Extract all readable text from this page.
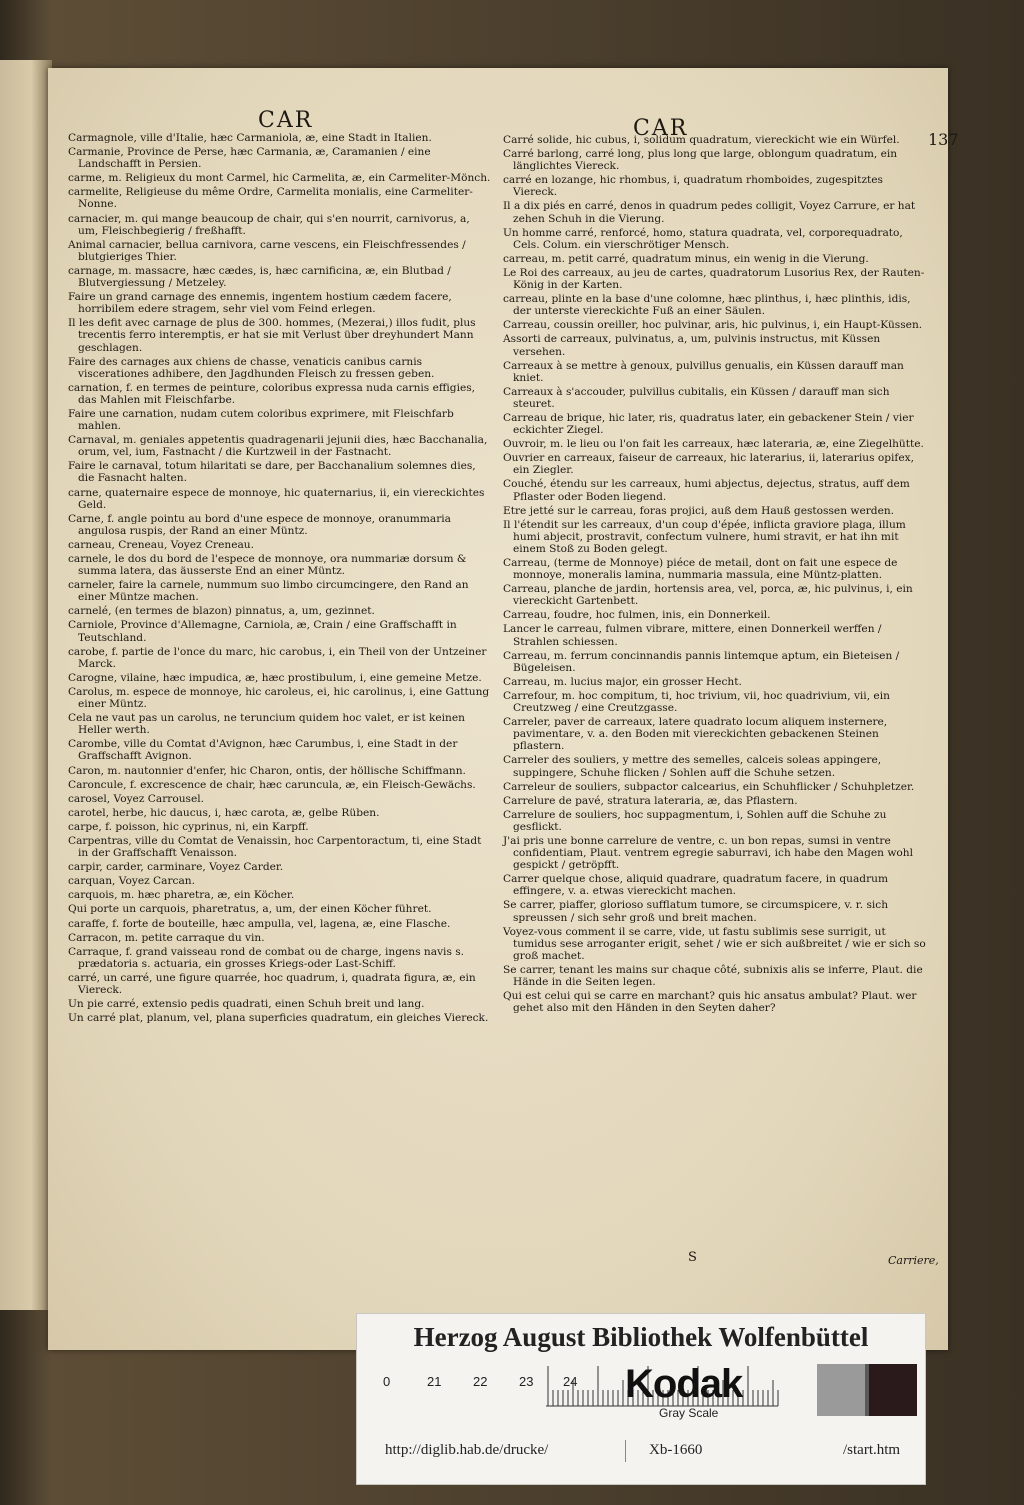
CAR	CAR	137
Carmagnole, ville d'Italie, hæc Carmaniola, æ, eine Stadt in Italien.
Carmanie, Province de Perse, hæc Carmania, æ, Caramanien / eine Landschafft in Persien.
carme, m. Religieux du mont Carmel, hic Carmelita, æ, ein Carmeliter-Mönch.
carmelite, Religieuse du même Ordre, Carmelita monialis, eine Carmeliter-Nonne.
carnacier, m. qui mange beaucoup de chair, qui s'en nourrit, carnivorus, a, um, Fleischbegierig / freßhafft.
Animal carnacier, bellua carnivora, carne vescens, ein Fleischfressendes / blutgieriges Thier.
carnage, m. massacre, hæc cædes, is, hæc carnificina, æ, ein Blutbad / Blutvergiessung / Metzeley.
Faire un grand carnage des ennemis, ingentem hostium cædem facere, horribilem edere stragem, sehr viel vom Feind erlegen.
Il les defit avec carnage de plus de 300. hommes, (Mezerai,) illos fudit, plus trecentis ferro interemptis, er hat sie mit Verlust über dreyhundert Mann geschlagen.
Faire des carnages aux chiens de chasse, venaticis canibus carnis viscerationes adhibere, den Jagdhunden Fleisch zu fressen geben.
carnation, f. en termes de peinture, coloribus expressa nuda carnis effigies, das Mahlen mit Fleischfarbe.
Faire une carnation, nudam cutem coloribus exprimere, mit Fleischfarb mahlen.
Carnaval, m. geniales appetentis quadragenarii jejunii dies, hæc Bacchanalia, orum, vel, ium, Fastnacht / die Kurtzweil in der Fastnacht.
Faire le carnaval, totum hilaritati se dare, per Bacchanalium solemnes dies, die Fasnacht halten.
carne, quaternaire espece de monnoye, hic quaternarius, ii, ein viereckichtes Geld.
Carne, f. angle pointu au bord d'une espece de monnoye, oranummaria angulosa ruspis, der Rand an einer Müntz.
carneau, Creneau, Voyez Creneau.
carnele, le dos du bord de l'espece de monnoye, ora nummariæ dorsum & summa latera, das äusserste End an einer Müntz.
carneler, faire la carnele, nummum suo limbo circumcingere, den Rand an einer Müntze machen.
carnelé, (en termes de blazon) pinnatus, a, um, gezinnet.
Carniole, Province d'Allemagne, Carniola, æ, Crain / eine Graffschafft in Teutschland.
carobe, f. partie de l'once du marc, hic carobus, i, ein Theil von der Untzeiner Marck.
Carogne, vilaine, hæc impudica, æ, hæc prostibulum, i, eine gemeine Metze.
Carolus, m. espece de monnoye, hic caroleus, ei, hic carolinus, i, eine Gattung einer Müntz.
Cela ne vaut pas un carolus, ne teruncium quidem hoc valet, er ist keinen Heller werth.
Carombe, ville du Comtat d'Avignon, hæc Carumbus, i, eine Stadt in der Graffschafft Avignon.
Caron, m. nautonnier d'enfer, hic Charon, ontis, der höllische Schiffmann.
Caroncule, f. excrescence de chair, hæc caruncula, æ, ein Fleisch-Gewächs.
carosel, Voyez Carrousel.
carotel, herbe, hic daucus, i, hæc carota, æ, gelbe Rüben.
carpe, f. poisson, hic cyprinus, ni, ein Karpff.
Carpentras, ville du Comtat de Venaissin, hoc Carpentoractum, ti, eine Stadt in der Graffschafft Venaisson.
carpir, carder, carminare, Voyez Carder.
carquan, Voyez Carcan.
carquois, m. hæc pharetra, æ, ein Köcher.
Qui porte un carquois, pharetratus, a, um, der einen Köcher führet.
caraffe, f. forte de bouteille, hæc ampulla, vel, lagena, æ, eine Flasche.
Carracon, m. petite carraque du vin.
Carraque, f. grand vaisseau rond de combat ou de charge, ingens navis s. prædatoria s. actuaria, ein grosses Kriegs-oder Last-Schiff.
carré, un carré, une figure quarrée, hoc quadrum, i, quadrata figura, æ, ein Viereck.
Un pie carré, extensio pedis quadrati, einen Schuh breit und lang.
Un carré plat, planum, vel, plana superficies quadratum, ein gleiches Viereck.
Carré solide, hic cubus, i, solidum quadratum, viereckicht wie ein Würfel.
Carré barlong, carré long, plus long que large, oblongum quadratum, ein länglichtes Viereck.
carré en lozange, hic rhombus, i, quadratum rhomboides, zugespitztes Viereck.
Il a dix piés en carré, denos in quadrum pedes colligit, Voyez Carrure, er hat zehen Schuh in die Vierung.
Un homme carré, renforcé, homo, statura quadrata, vel, corporequadrato, Cels. Colum. ein vierschrötiger Mensch.
carreau, m. petit carré, quadratum minus, ein wenig in die Vierung.
Le Roi des carreaux, au jeu de cartes, quadratorum Lusorius Rex, der Rauten-König in der Karten.
carreau, plinte en la base d'une colomne, hæc plinthus, i, hæc plinthis, idis, der unterste viereckichte Fuß an einer Säulen.
Carreau, coussin oreiller, hoc pulvinar, aris, hic pulvinus, i, ein Haupt-Küssen.
Assorti de carreaux, pulvinatus, a, um, pulvinis instructus, mit Küssen versehen.
Carreaux à se mettre à genoux, pulvillus genualis, ein Küssen darauff man kniet.
Carreaux à s'accouder, pulvillus cubitalis, ein Küssen / darauff man sich steuret.
Carreau de brique, hic later, ris, quadratus later, ein gebackener Stein / vier eckichter Ziegel.
Ouvroir, m. le lieu ou l'on fait les carreaux, hæc lateraria, æ, eine Ziegelhütte.
Ouvrier en carreaux, faiseur de carreaux, hic laterarius, ii, laterarius opifex, ein Ziegler.
Couché, étendu sur les carreaux, humi abjectus, dejectus, stratus, auff dem Pflaster oder Boden liegend.
Etre jetté sur le carreau, foras projici, auß dem Hauß gestossen werden.
Il l'étendit sur les carreaux, d'un coup d'épée, inflicta graviore plaga, illum humi abjecit, prostravit, confectum vulnere, humi stravit, er hat ihn mit einem Stoß zu Boden gelegt.
Carreau, (terme de Monnoye) piéce de metail, dont on fait une espece de monnoye, moneralis lamina, nummaria massula, eine Müntz-platten.
Carreau, planche de jardin, hortensis area, vel, porca, æ, hic pulvinus, i, ein viereckicht Gartenbett.
Carreau, foudre, hoc fulmen, inis, ein Donnerkeil.
Lancer le carreau, fulmen vibrare, mittere, einen Donnerkeil werffen / Strahlen schiessen.
Carreau, m. ferrum concinnandis pannis lintemque aptum, ein Bieteisen / Bügeleisen.
Carreau, m. lucius major, ein grosser Hecht.
Carrefour, m. hoc compitum, ti, hoc trivium, vii, hoc quadrivium, vii, ein Creutzweg / eine Creutzgasse.
Carreler, paver de carreaux, latere quadrato locum aliquem insternere, pavimentare, v. a. den Boden mit viereckichten gebackenen Steinen pflastern.
Carreler des souliers, y mettre des semelles, calceis soleas appingere, suppingere, Schuhe flicken / Sohlen auff die Schuhe setzen.
Carreleur de souliers, subpactor calcearius, ein Schuhflicker / Schuhpletzer.
Carrelure de pavé, stratura lateraria, æ, das Pflastern.
Carrelure de souliers, hoc suppagmentum, i, Sohlen auff die Schuhe zu gesflickt.
J'ai pris une bonne carrelure de ventre, c. un bon repas, sumsi in ventre confidentiam, Plaut. ventrem egregie saburravi, ich habe den Magen wohl gespickt / getröpfft.
Carrer quelque chose, aliquid quadrare, quadratum facere, in quadrum effingere, v. a. etwas viereckicht machen.
Se carrer, piaffer, glorioso sufflatum tumore, se circumspicere, v. r. sich spreussen / sich sehr groß und breit machen.
Voyez-vous comment il se carre, vide, ut fastu sublimis sese surrigit, ut tumidus sese arroganter erigit, sehet / wie er sich außbreitet / wie er sich so groß machet.
Se carrer, tenant les mains sur chaque côté, subnixis alis se inferre, Plaut. die Hände in die Seiten legen.
Qui est celui qui se carre en marchant? quis hic ansatus ambulat? Plaut. wer gehet also mit den Händen in den Seyten daher?
S	Carriere,
Herzog August Bibliothek Wolfenbüttel
0	21 22 23 24 Kodak
Gray Scale
http://diglib.hab.de/drucke/	Xb-1660	/start.htm
